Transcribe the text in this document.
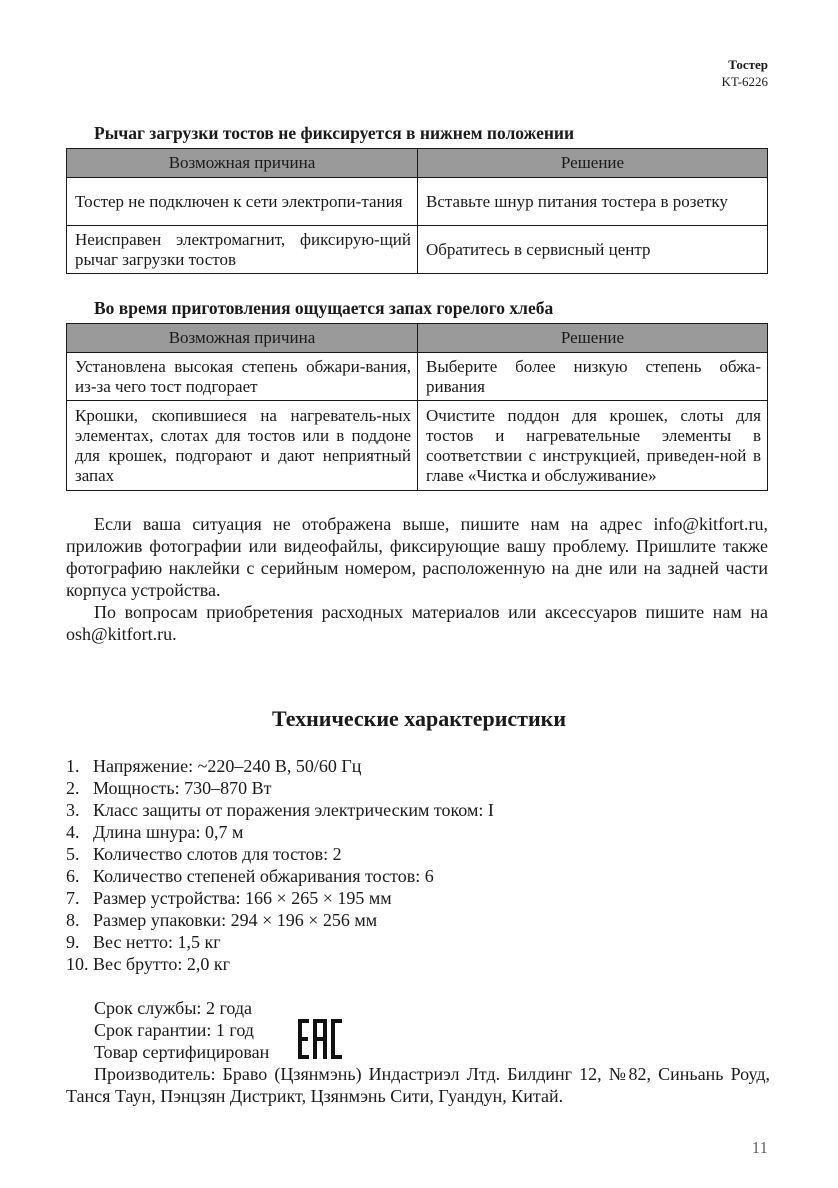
Тостер
KT-6226
Рычаг загрузки тостов не фиксируется в нижнем положении
Возможная причина	Решение
Тостер не подключен к сети электропи-тания	Вставьте шнур питания тостера в розетку
Неисправен электромагнит, фиксирую-щий рычаг загрузки тостов	Обратитесь в сервисный центр
Во время приготовления ощущается запах горелого хлеба
Возможная причина	Решение
Установлена высокая степень обжари-вания, из-за чего тост подгорает	Выберите более низкую степень обжа-ривания
Крошки, скопившиеся на нагреватель-ных элементах, слотах для тостов или в поддоне для крошек, подгорают и дают неприятный запах	Очистите поддон для крошек, слоты для тостов и нагревательные элементы в соответствии с инструкцией, приведен-ной в главе «Чистка и обслуживание»

Если ваша ситуация не отображена выше, пишите нам на адрес info@kitfort.ru, приложив фотографии или видеофайлы, фиксирующие вашу проблему. Пришлите также фотографию наклейки с серийным номером, расположенную на дне или на задней части корпуса устройства.

По вопросам приобретения расходных материалов или аксессуаров пишите нам на osh@kitfort.ru.

Технические характеристики
1. Напряжение: ~220–240 В, 50/60 Гц
2. Мощность: 730–870 Вт
3. Класс защиты от поражения электрическим током: I
4. Длина шнура: 0,7 м
5. Количество слотов для тостов: 2
6. Количество степеней обжаривания тостов: 6
7. Размер устройства: 166 × 265 × 195 мм
8. Размер упаковки: 294 × 196 × 256 мм
9. Вес нетто: 1,5 кг
10. Вес брутто: 2,0 кг
Срок службы: 2 года
Срок гарантии: 1 год
Товар сертифицирован

Производитель: Браво (Цзянмэнь) Индастриэл Лтд. Билдинг 12, №82, Синьань Роуд, Танся Таун, Пэнцзян Дистрикт, Цзянмэнь Сити, Гуандун, Китай.

11
